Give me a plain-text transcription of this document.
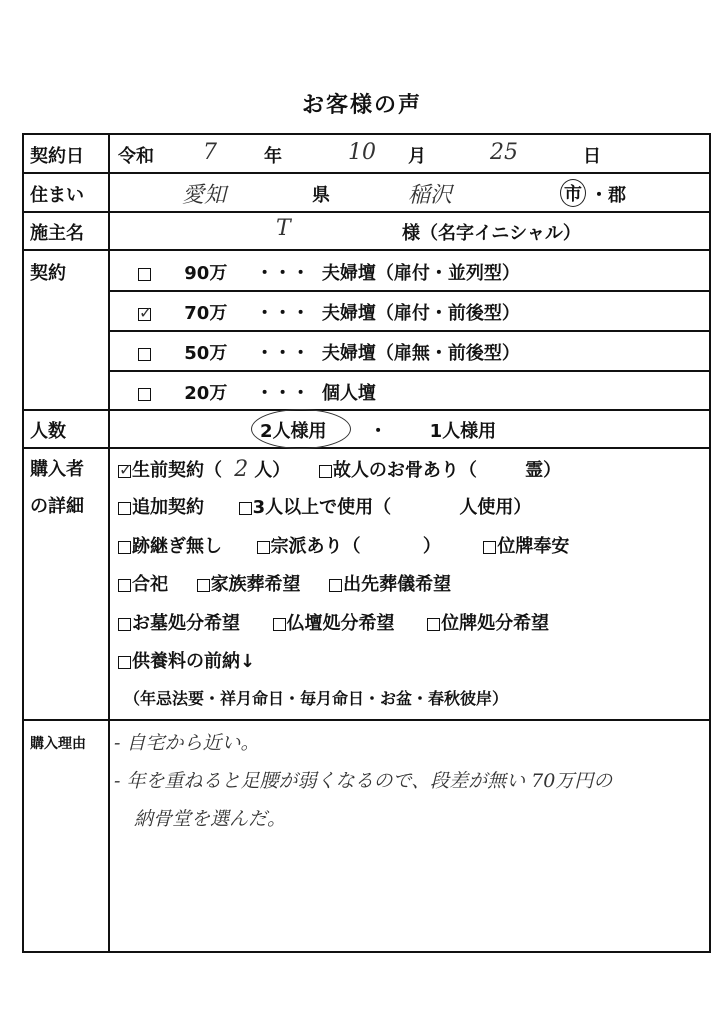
お客様の声
契約日 令和 7	年	10 月	25	日
住まい	愛知	県	稲沢	市 ・郡
施主名	T	様（名字イニシャル）
契約	90万 ・・・ 夫婦壇（扉付・並列型）
✓ 70万 ・・・ 夫婦壇（扉付・前後型）
50万 ・・・ 夫婦壇（扉無・前後型）
20万 ・・・ 個人壇
人数	2人様用 ・ 1人様用
購入者
の詳細
✓生前契約（ 2 人） 故人のお骨あり（	霊）
追加契約	3人以上で使用（	人使用）
跡継ぎ無し	宗派あり（	）	位牌奉安
合祀 家族葬希望 出先葬儀希望
お墓処分希望	仏壇処分希望	位牌処分希望
供養料の前納↓
（年忌法要・祥月命日・毎月命日・お盆・春秋彼岸）
購入理由 - 自宅から近い。
- 年を重ねると足腰が弱くなるので、段差が無い 70万円の
納骨堂を選んだ。
